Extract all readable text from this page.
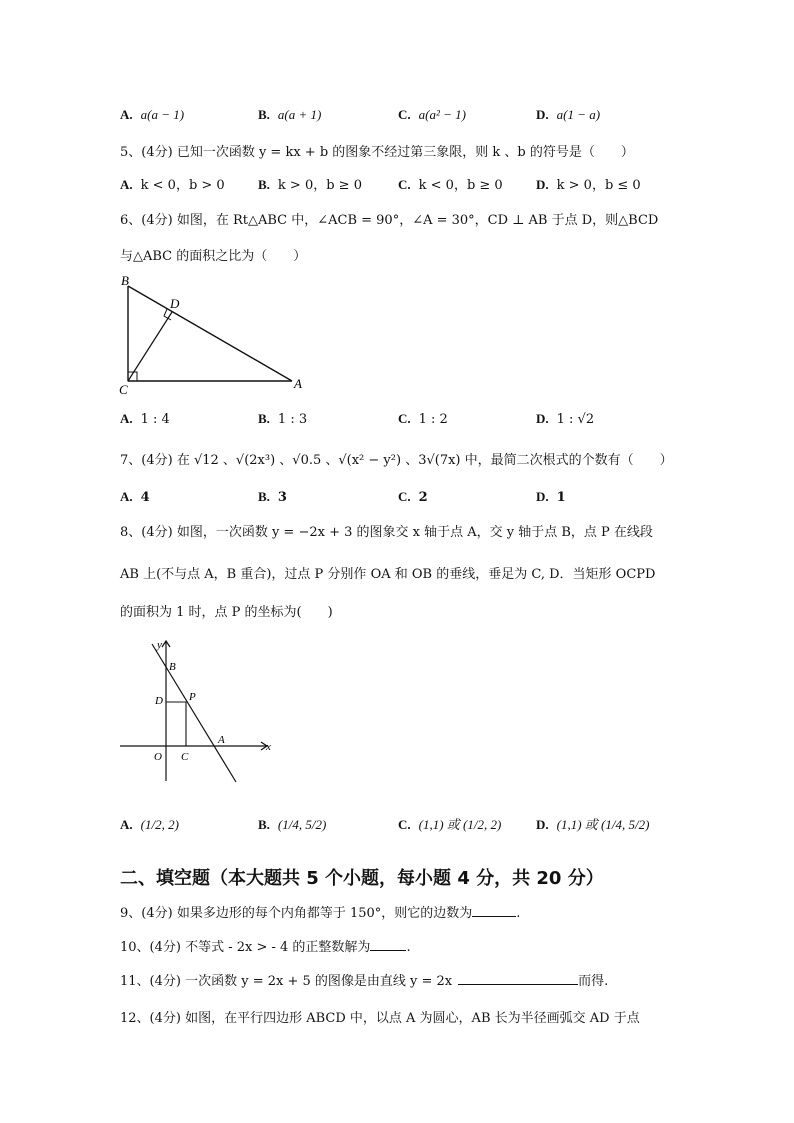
A. a(a − 1)	B. a(a + 1)	C. a(a² − 1)	D. a(1 − a)
5、(4分) 已知一次函数 y = kx + b 的图象不经过第三象限，则 k 、b 的符号是（　　）
A. k < 0，b > 0	B. k > 0，b ≥ 0	C. k < 0，b ≥ 0	D. k > 0，b ≤ 0
6、(4分) 如图，在 Rt△ABC 中，∠ACB = 90°，∠A = 30°，CD ⊥ AB 于点 D，则△BCD
与△ABC 的面积之比为（　　）
B
D
C	A
A. 1 : 4	B. 1 : 3	C. 1 : 2	D. 1 : √2
7、(4分) 在 √12 、√(2x³) 、√0.5 、√(x² − y²) 、3√(7x) 中，最简二次根式的个数有（　　）
A. 4	B. 3	C. 2	D. 1
8、(4分) 如图，一次函数 y = −2x + 3 的图象交 x 轴于点 A，交 y 轴于点 B，点 P 在线段
AB 上(不与点 A，B 重合)，过点 P 分别作 OA 和 OB 的垂线，垂足为 C, D．当矩形 OCPD
的面积为 1 时，点 P 的坐标为(　　)
y
x
B
D P
A
O C
A. (1/2, 2)	B. (1/4, 5/2)	C. (1,1) 或 (1/2, 2)	D. (1,1) 或 (1/4, 5/2)
二、填空题（本大题共 5 个小题，每小题 4 分，共 20 分）
9、(4分) 如果多边形的每个内角都等于 150°，则它的边数为	.
10、(4分) 不等式 - 2x > - 4 的正整数解为	.
11、(4分) 一次函数 y = 2x + 5 的图像是由直线 y = 2x	而得.
12、(4分) 如图，在平行四边形 ABCD 中，以点 A 为圆心，AB 长为半径画弧交 AD 于点
